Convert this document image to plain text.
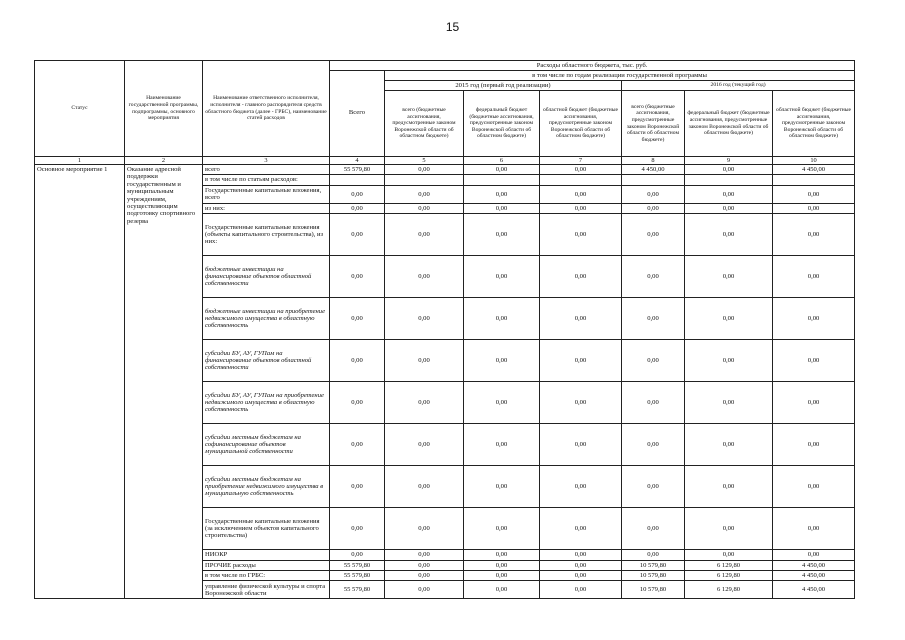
15
Статус	Наименование государственной программы, подпрограммы, основного мероприятия	Наименование ответственного исполнителя, исполнителя - главного распорядителя средств областного бюджета (далее - ГРБС), наименование статей расходов	Расходы областного бюджета, тыс. руб.						
			Всего	в том числе по годам реализации государственной программы					
				2015 год (первый год реализации)			2016 год (текущий год)		
				всего (бюджетные ассигнования, предусмотренные законом Воронежской области об областном бюджете)	федеральный бюджет (бюджетные ассигнования, предусмотренные законом Воронежской области об областном бюджете)	областной бюджет (бюджетные ассигнования, предусмотренные законом Воронежской области об областном бюджете)	всего (бюджетные ассигнования, предусмотренные законом Воронежской области об областном бюджете)	федеральный бюджет (бюджетные ассигнования, предусмотренные законом Воронежской области об областном бюджете)	областной бюджет (бюджетные ассигнования, предусмотренные законом Воронежской области об областном бюджете)
1	2	3	4	5	6	7	8	9	10
Основное мероприятие 1	Оказание адресной поддержки государственным и муниципальным учреждениям, осуществляющим подготовку спортивного резерва	всего	55 579,80	0,00	0,00	0,00	4 450,00	0,00	4 450,00
		в том числе по статьям расходов:							
		Государственные капитальные вложения, всего	0,00	0,00	0,00	0,00	0,00	0,00	0,00
		из них:	0,00	0,00	0,00	0,00	0,00	0,00	0,00
		Государственные капитальные вложения (объекты капитального строительства), из них:	0,00	0,00	0,00	0,00	0,00	0,00	0,00
		бюджетные инвестиции на финансирование объектов областной собственности	0,00	0,00	0,00	0,00	0,00	0,00	0,00
		бюджетные инвестиции на приобретение недвижимого имущества в областную собственность	0,00	0,00	0,00	0,00	0,00	0,00	0,00
		субсидии БУ, АУ, ГУПам на финансирование объектов областной собственности	0,00	0,00	0,00	0,00	0,00	0,00	0,00
		субсидии БУ, АУ, ГУПам на приобретение недвижимого имущества в областную собственность	0,00	0,00	0,00	0,00	0,00	0,00	0,00
		субсидии местным бюджетам на софинансирование объектов муниципальной собственности	0,00	0,00	0,00	0,00	0,00	0,00	0,00
		субсидии местным бюджетам на приобретение недвижимого имущества в муниципальную собственность	0,00	0,00	0,00	0,00	0,00	0,00	0,00
		Государственные капитальные вложения (за исключением объектов капитального строительства)	0,00	0,00	0,00	0,00	0,00	0,00	0,00
		НИОКР	0,00	0,00	0,00	0,00	0,00	0,00	0,00
		ПРОЧИЕ расходы	55 579,80	0,00	0,00	0,00	10 579,80	6 129,80	4 450,00
		в том числе по ГРБС:	55 579,80	0,00	0,00	0,00	10 579,80	6 129,80	4 450,00
		управление физической культуры и спорта Воронежской области	55 579,80	0,00	0,00	0,00	10 579,80	6 129,80	4 450,00
